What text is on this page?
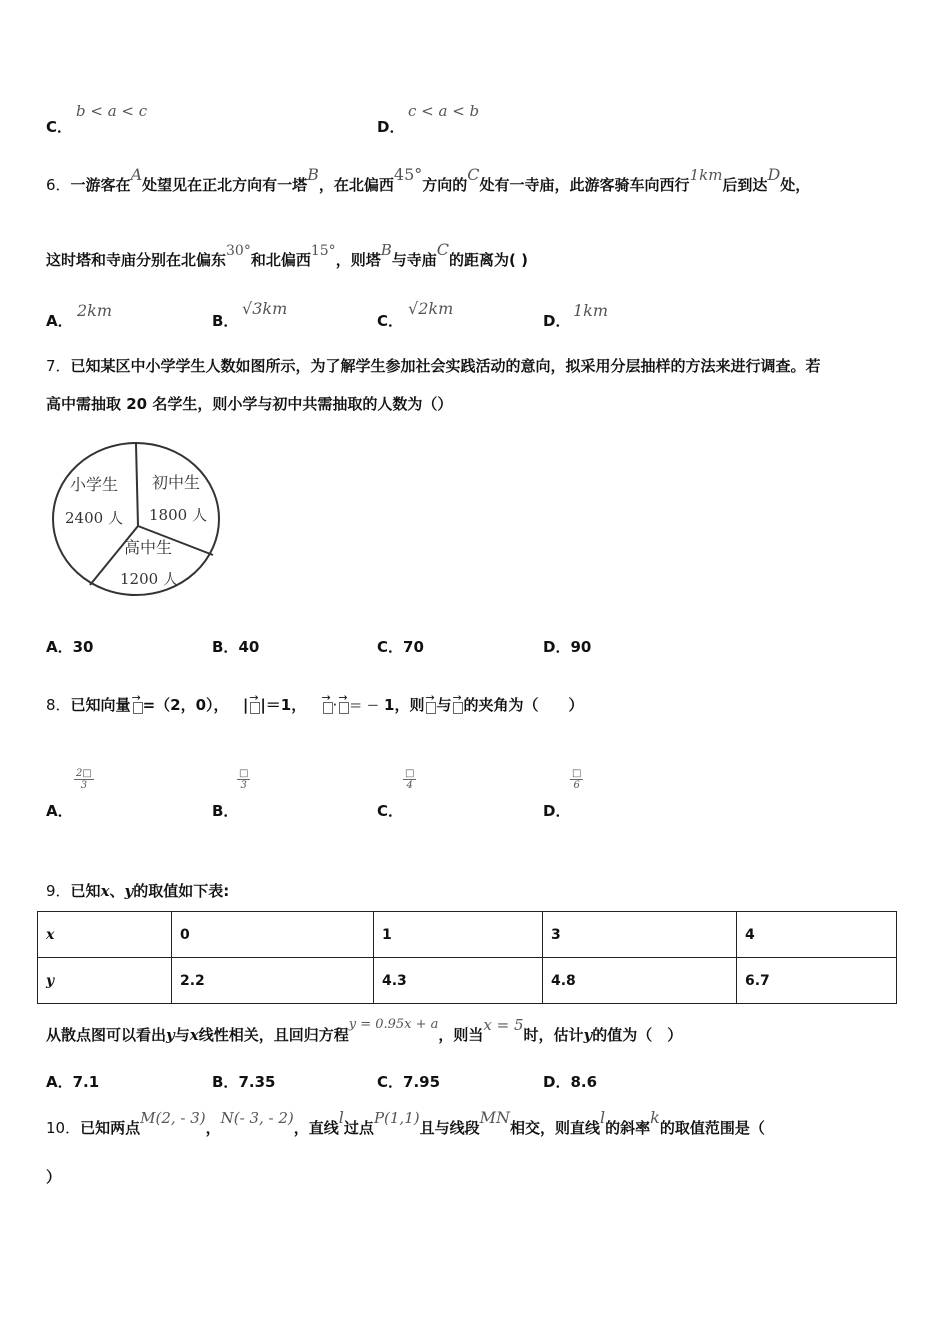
C．
b < a < c
D．
c < a < b
6．一游客在A处望见在正北方向有一塔B，在北偏西45°方向的C处有一寺庙，此游客骑车向西行1km后到达D处，
这时塔和寺庙分别在北偏东30°和北偏西15°，则塔B与寺庙C的距离为( )
A．
2km
B．
√3km
C．
√2km
D．
1km
7．已知某区中小学学生人数如图所示，为了解学生参加社会实践活动的意向，拟采用分层抽样的方法来进行调查。若
高中需抽取 20 名学生，则小学与初中共需抽取的人数为（）
小学生
2400 人
初中生
1800 人
高中生
1200 人
A．30	B．40	C．70	D．90
8．已知向量 → =（2，0）， | → |＝1， → · → = − 1，则 → 与 → 的夹角为（　　）
A．
$\frac{2□}{3}$
B．
□
3
C．
□
4
D．
□
6
9．已知x、y的取值如下表:
x	0	1	3	4
y	2.2	4.3	4.8	6.7
从散点图可以看出y与x线性相关，且回归方程y = 0.95x + a，则当x = 5时，估计y的值为（　）
A．7.1	B．7.35	C．7.95	D．8.6
10．已知两点M(2, - 3)，N(- 3, - 2)，直线l过点P(1,1)且与线段MN相交，则直线l的斜率k的取值范围是（
）
